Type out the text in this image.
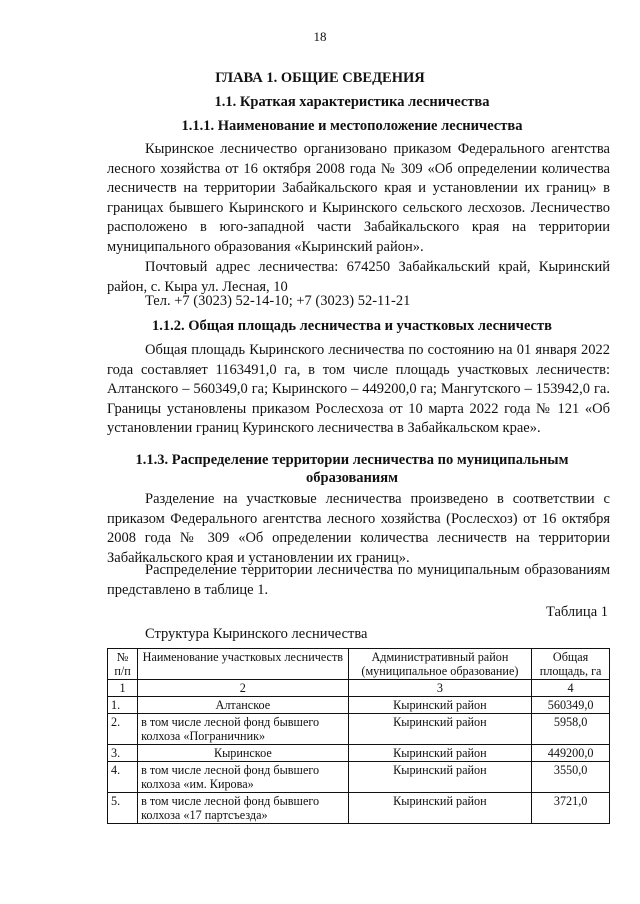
18
ГЛАВА 1. ОБЩИЕ СВЕДЕНИЯ
1.1. Краткая характеристика лесничества
1.1.1. Наименование и местоположение лесничества

Кыринское лесничество организовано приказом Федерального агентства лесного хозяйства от 16 октября 2008 года № 309 «Об определении количества лесничеств на территории Забайкальского края и установлении их границ» в границах бывшего Кыринского и Кыринского сельского лесхозов. Лесничество расположено в юго-западной части Забайкальского края на территории муниципального образования «Кыринский район».

Почтовый адрес лесничества: 674250 Забайкальский край, Кыринский район, с. Кыра ул. Лесная, 10

Тел. +7 (3023) 52-14-10; +7 (3023) 52-11-21

1.1.2. Общая площадь лесничества и участковых лесничеств

Общая площадь Кыринского лесничества по состоянию на 01 января 2022 года составляет 1163491,0 га, в том числе площадь участковых лесничеств: Алтанского – 560349,0 га; Кыринского – 449200,0 га; Мангутского – 153942,0 га. Границы установлены приказом Рослесхоза от 10 марта 2022 года № 121 «Об установлении границ Куринского лесничества в Забайкальском крае».

1.1.3. Распределение территории лесничества по муниципальным образованиям

Разделение на участковые лесничества произведено в соответствии с приказом Федерального агентства лесного хозяйства (Рослесхоз) от 16 октября 2008 года № 309 «Об определении количества лесничеств на территории Забайкальского края и установлении их границ».

Распределение территории лесничества по муниципальным образованиям представлено в таблице 1.

Таблица 1
Структура Кыринского лесничества
№ п/п	Наименование участковых лесничеств	Административный район (муниципальное образование)	Общая площадь, га
1	2	3	4
1.	Алтанское	Кыринский район	560349,0
2.	в том числе лесной фонд бывшего колхоза «Пограничник»	Кыринский район	5958,0
3.	Кыринское	Кыринский район	449200,0
4.	в том числе лесной фонд бывшего колхоза «им. Кирова»	Кыринский район	3550,0
5.	в том числе лесной фонд бывшего колхоза «17 партсъезда»	Кыринский район	3721,0
